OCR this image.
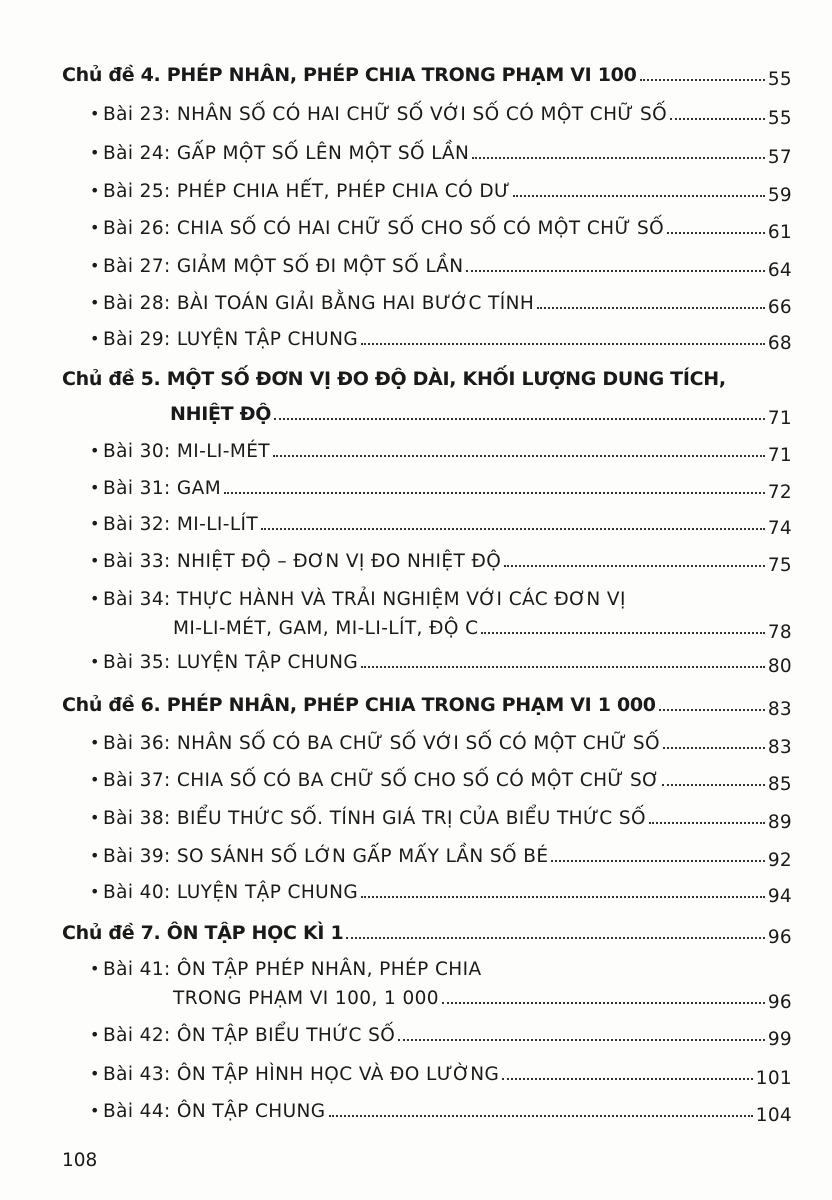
Chủ đề 4. PHÉP NHÂN, PHÉP CHIA TRONG PHẠM VI 100	55
• Bài 23: NHÂN SỐ CÓ HAI CHỮ SỐ VỚI SỐ CÓ MỘT CHỮ SỐ	55
• Bài 24: GẤP MỘT SỐ LÊN MỘT SỐ LẦN	57
• Bài 25: PHÉP CHIA HẾT, PHÉP CHIA CÓ DƯ	59
• Bài 26: CHIA SỐ CÓ HAI CHỮ SỐ CHO SỐ CÓ MỘT CHỮ SỐ	61
• Bài 27: GIẢM MỘT SỐ ĐI MỘT SỐ LẦN	64
• Bài 28: BÀI TOÁN GIẢI BẰNG HAI BƯỚC TÍNH	66
• Bài 29: LUYỆN TẬP CHUNG	68
Chủ đề 5. MỘT SỐ ĐƠN VỊ ĐO ĐỘ DÀI, KHỐI LƯỢNG DUNG TÍCH,
NHIỆT ĐỘ	71
• Bài 30: MI-LI-MÉT	71
• Bài 31: GAM	72
• Bài 32: MI-LI-LÍT	74
• Bài 33: NHIỆT ĐỘ – ĐƠN VỊ ĐO NHIỆT ĐỘ	75
• Bài 34: THỰC HÀNH VÀ TRẢI NGHIỆM VỚI CÁC ĐƠN VỊ
MI-LI-MÉT, GAM, MI-LI-LÍT, ĐỘ C	78
• Bài 35: LUYỆN TẬP CHUNG	80
Chủ đề 6. PHÉP NHÂN, PHÉP CHIA TRONG PHẠM VI 1 000	83
• Bài 36: NHÂN SỐ CÓ BA CHỮ SỐ VỚI SỐ CÓ MỘT CHỮ SỐ	83
• Bài 37: CHIA SỐ CÓ BA CHỮ SỐ CHO SỐ CÓ MỘT CHỮ SƠ	85
• Bài 38: BIỂU THỨC SỐ. TÍNH GIÁ TRỊ CỦA BIỂU THỨC SỐ	89
• Bài 39: SO SÁNH SỐ LỚN GẤP MẤY LẦN SỐ BÉ	92
• Bài 40: LUYỆN TẬP CHUNG	94
Chủ đề 7. ÔN TẬP HỌC KÌ 1	96
• Bài 41: ÔN TẬP PHÉP NHÂN, PHÉP CHIA
TRONG PHẠM VI 100, 1 000	96
• Bài 42: ÔN TẬP BIỂU THỨC SỐ	99
• Bài 43: ÔN TẬP HÌNH HỌC VÀ ĐO LƯỜNG	101
• Bài 44: ÔN TẬP CHUNG	104
108
